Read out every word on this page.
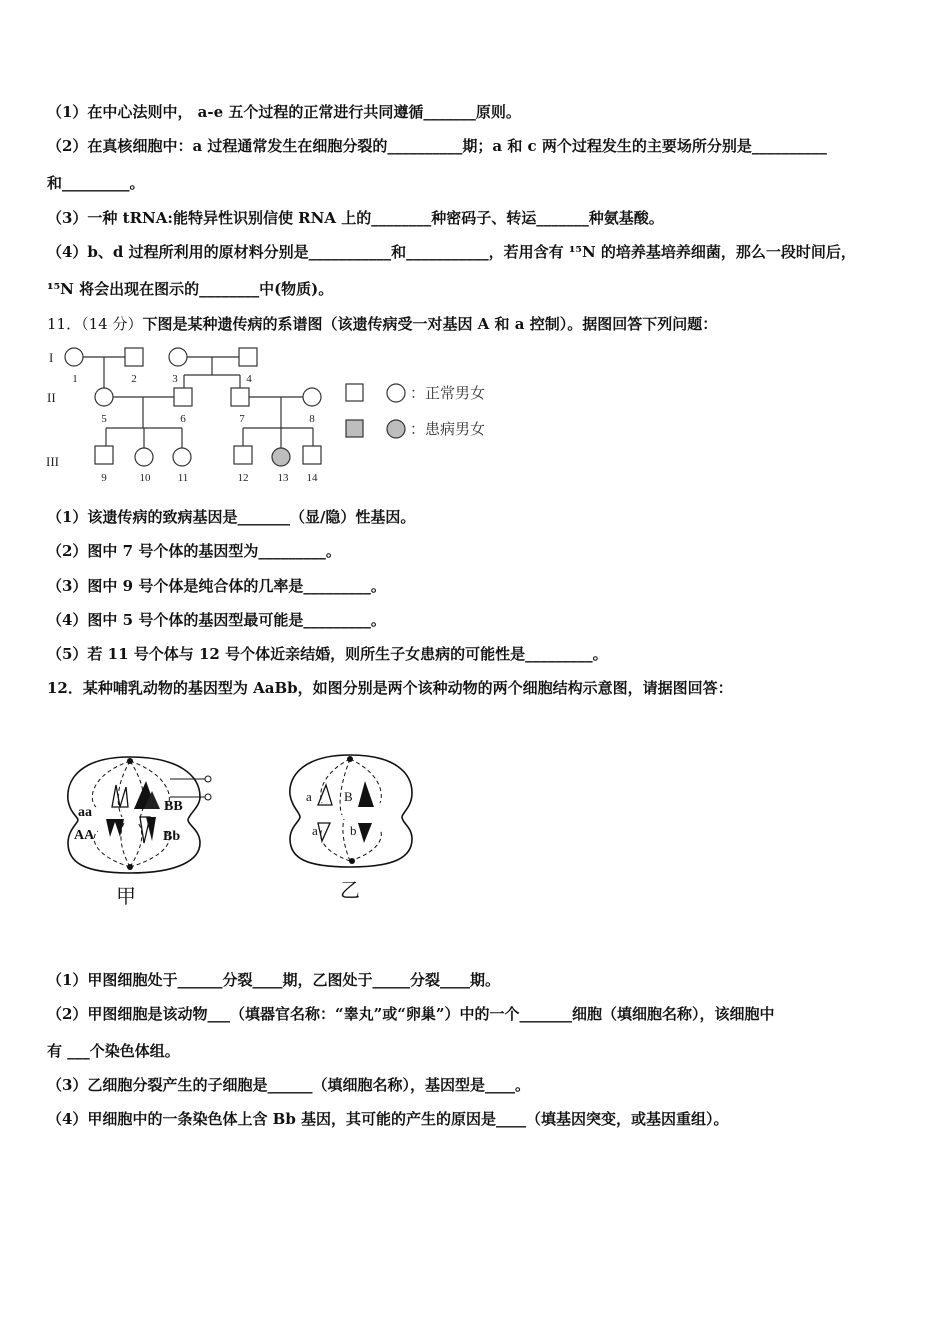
（1）在中心法则中， a-e 五个过程的正常进行共同遵循_______原则。
（2）在真核细胞中：a 过程通常发生在细胞分裂的__________期；a 和 c 两个过程发生的主要场所分别是__________
和_________。
（3）一种 tRNA:能特异性识别信使 RNA 上的________种密码子、转运_______种氨基酸。
（4）b、d 过程所利用的原材料分别是___________和___________，若用含有 ¹⁵N 的培养基培养细菌，那么一段时间后，
¹⁵N 将会出现在图示的________中(物质)。
11．（14 分）下图是某种遗传病的系谱图（该遗传病受一对基因 A 和 a 控制）。据图回答下列问题：
I
II
III
1	2	3	4
5	6	7	8
9	10 11	12	13 14
：正常男女
：患病男女
（1）该遗传病的致病基因是_______（显/隐）性基因。
（2）图中 7 号个体的基因型为_________。
（3）图中 9 号个体是纯合体的几率是_________。
（4）图中 5 号个体的基因型最可能是_________。
（5）若 11 号个体与 12 号个体近亲结婚，则所生子女患病的可能性是_________。
12．某种哺乳动物的基因型为 AaBb，如图分别是两个该种动物的两个细胞结构示意图，请据图回答：
aa
AA
BB
Bb
甲
a B
a b
乙
（1）甲图细胞处于______分裂____期，乙图处于_____分裂____期。
（2）甲图细胞是该动物___（填器官名称：“睾丸”或“卵巢”）中的一个_______细胞（填细胞名称），该细胞中
有 ___个染色体组。
（3）乙细胞分裂产生的子细胞是______（填细胞名称），基因型是____。
（4）甲细胞中的一条染色体上含 Bb 基因，其可能的产生的原因是____（填基因突变，或基因重组）。
